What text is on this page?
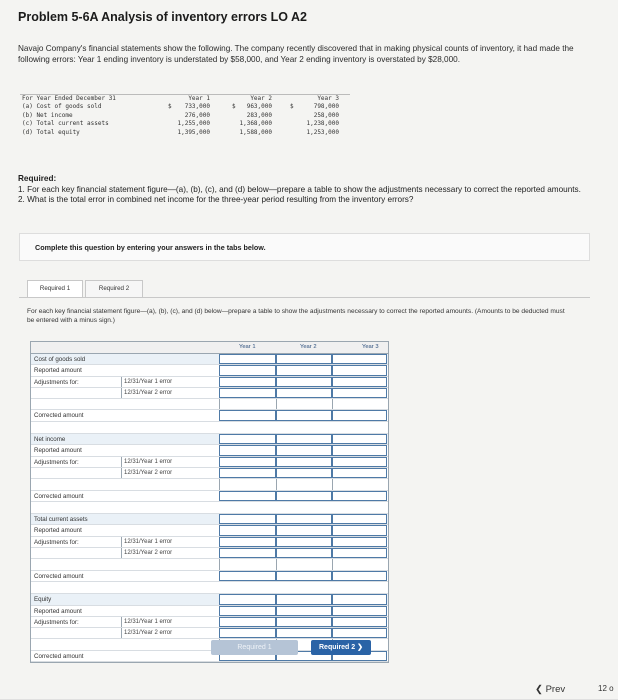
Problem 5-6A Analysis of inventory errors LO A2
Navajo Company's financial statements show the following. The company recently discovered that in making physical counts of inventory, it had made the following errors: Year 1 ending inventory is understated by $58,000, and Year 2 ending inventory is overstated by $28,000.
For Year Ended December 31	Year 1	Year 2	Year 3
(a) Cost of goods sold	$	733,000	$	963,000	$	798,000
(b) Net income	276,000	283,000	258,000
(c) Total current assets	1,255,000	1,368,000	1,238,000
(d) Total equity	1,395,000	1,588,000	1,253,000
Required:
1. For each key financial statement figure—(a), (b), (c), and (d) below—prepare a table to show the adjustments necessary to correct the reported amounts.
2. What is the total error in combined net income for the three-year period resulting from the inventory errors?
Complete this question by entering your answers in the tabs below.
Required 1	Required 2
For each key financial statement figure—(a), (b), (c), and (d) below—prepare a table to show the adjustments necessary to correct the reported amounts. (Amounts to be deducted must be entered with a minus sign.)
Year 1	Year 2	Year 3
Cost of goods sold
Reported amount
Adjustments for:	12/31/Year 1 error
12/31/Year 2 error
Corrected amount
Net income
Reported amount
Adjustments for:	12/31/Year 1 error
12/31/Year 2 error
Corrected amount
Total current assets
Reported amount
Adjustments for:	12/31/Year 1 error
12/31/Year 2 error
Corrected amount
Equity
Reported amount
Adjustments for:	12/31/Year 1 error
12/31/Year 2 error
Corrected amount
Required 1	Required 2 ❯
❮ Prev	12 o
